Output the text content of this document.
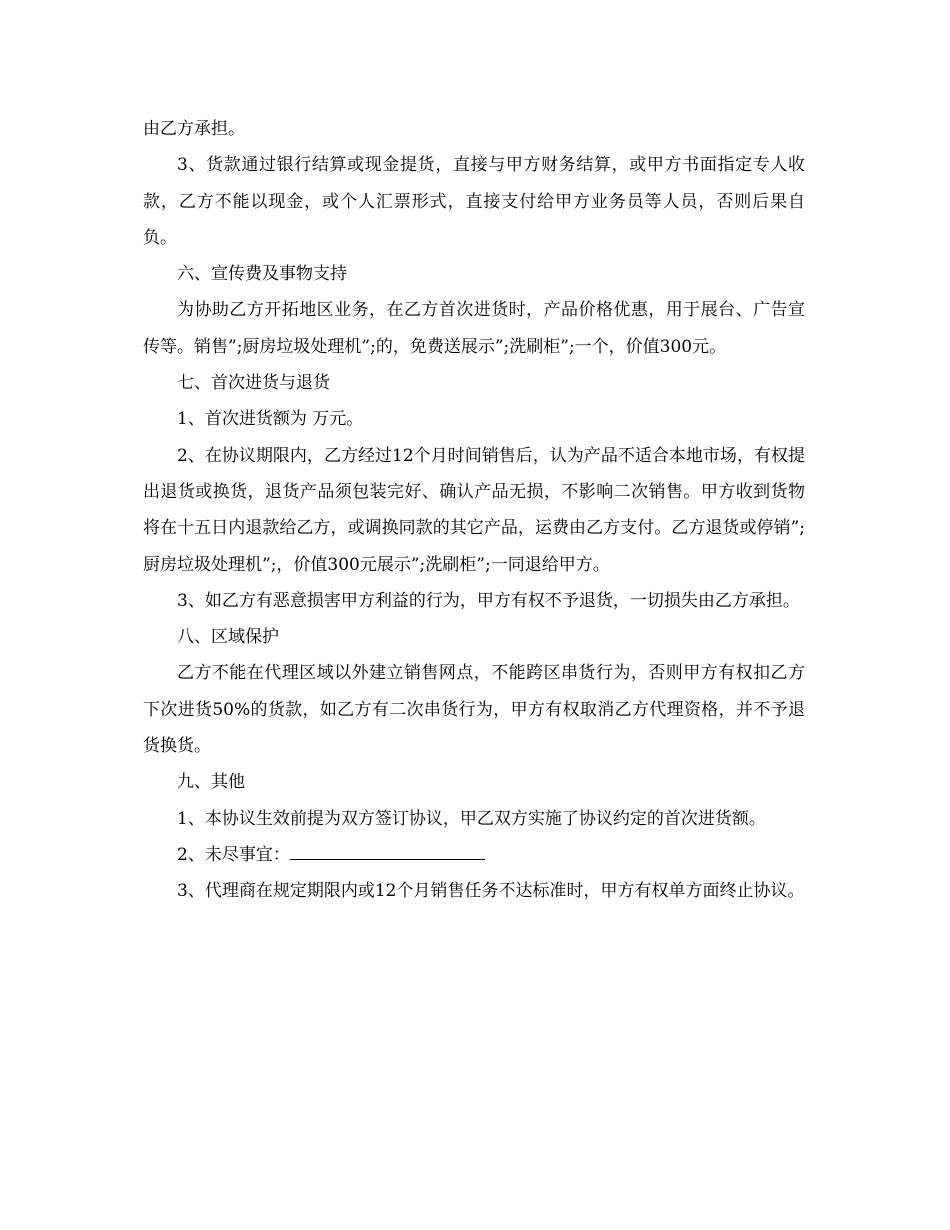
由乙方承担。

3、货款通过银行结算或现金提货，直接与甲方财务结算，或甲方书面指定专人收款，乙方不能以现金，或个人汇票形式，直接支付给甲方业务员等人员，否则后果自负。

六、宣传费及事物支持

为协助乙方开拓地区业务，在乙方首次进货时，产品价格优惠，用于展台、广告宣传等。销售”;厨房垃圾处理机”;的，免费送展示”;洗刷柜”;一个，价值300元。

七、首次进货与退货

1、首次进货额为 万元。

2、在协议期限内，乙方经过12个月时间销售后，认为产品不适合本地市场，有权提出退货或换货，退货产品须包装完好、确认产品无损，不影响二次销售。甲方收到货物将在十五日内退款给乙方，或调换同款的其它产品，运费由乙方支付。乙方退货或停销”;厨房垃圾处理机”;，价值300元展示”;洗刷柜”;一同退给甲方。

3、如乙方有恶意损害甲方利益的行为，甲方有权不予退货，一切损失由乙方承担。

八、区域保护

乙方不能在代理区域以外建立销售网点，不能跨区串货行为，否则甲方有权扣乙方下次进货50%的货款，如乙方有二次串货行为，甲方有权取消乙方代理资格，并不予退货换货。

九、其他

1、本协议生效前提为双方签订协议，甲乙双方实施了协议约定的首次进货额。

2、未尽事宜：

3、代理商在规定期限内或12个月销售任务不达标准时，甲方有权单方面终止协议。
